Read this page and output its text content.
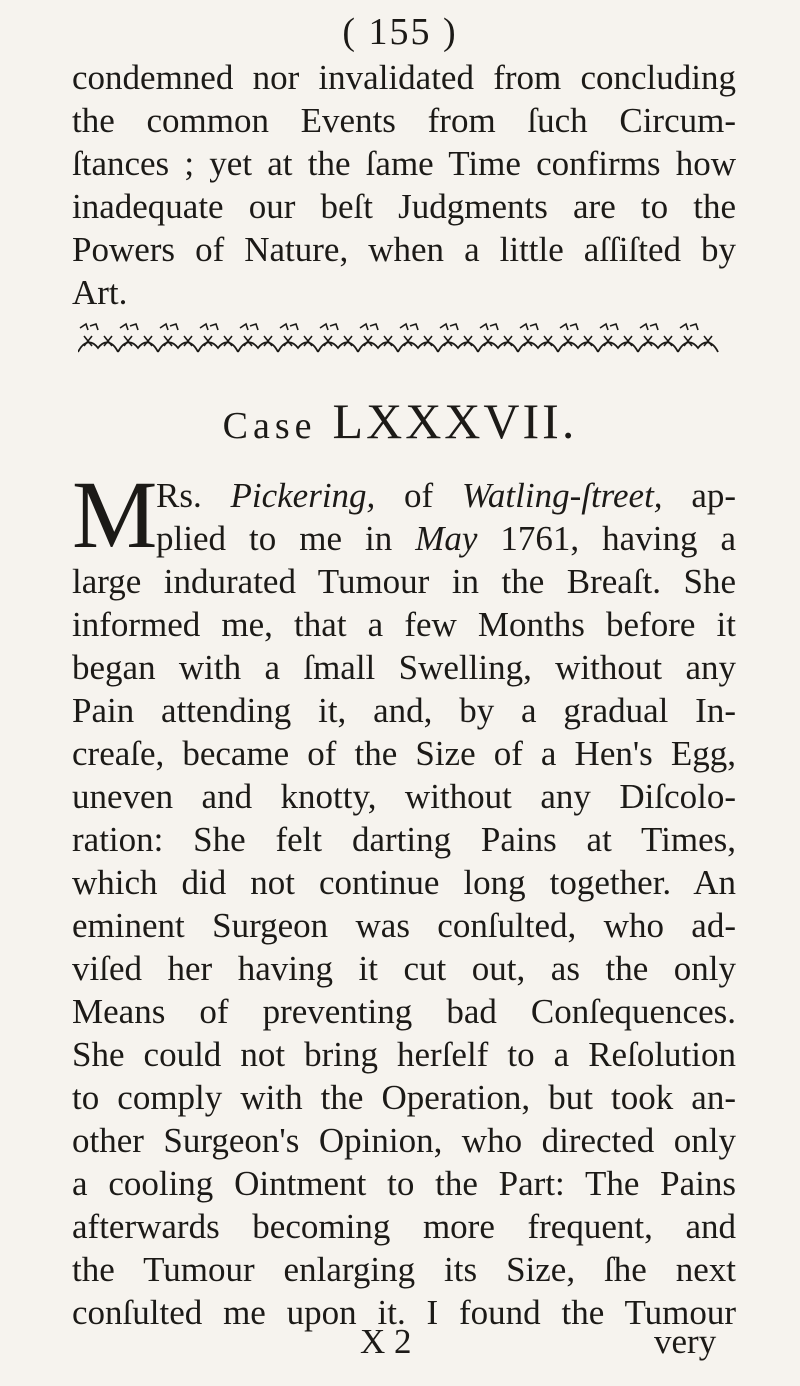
( 155 )
condemned nor invalidated from concluding
the common Events from ſuch Circum-
ſtances ; yet at the ſame Time confirms how
inadequate our beſt Judgments are to the
Powers of Nature, when a little aſſiſted by
Art.
Case LXXXVII.
M
Rs. Pickering, of Watling-ſtreet, ap-
plied to me in May 1761, having a
large indurated Tumour in the Breaſt. She
informed me, that a few Months before it
began with a ſmall Swelling, without any
Pain attending it, and, by a gradual In-
creaſe, became of the Size of a Hen's Egg,
uneven and knotty, without any Diſcolo-
ration: She felt darting Pains at Times,
which did not continue long together. An
eminent Surgeon was conſulted, who ad-
viſed her having it cut out, as the only
Means of preventing bad Conſequences.
She could not bring herſelf to a Reſolution
to comply with the Operation, but took an-
other Surgeon's Opinion, who directed only
a cooling Ointment to the Part: The Pains
afterwards becoming more frequent, and
the Tumour enlarging its Size, ſhe next
conſulted me upon it. I found the Tumour
X 2	very
